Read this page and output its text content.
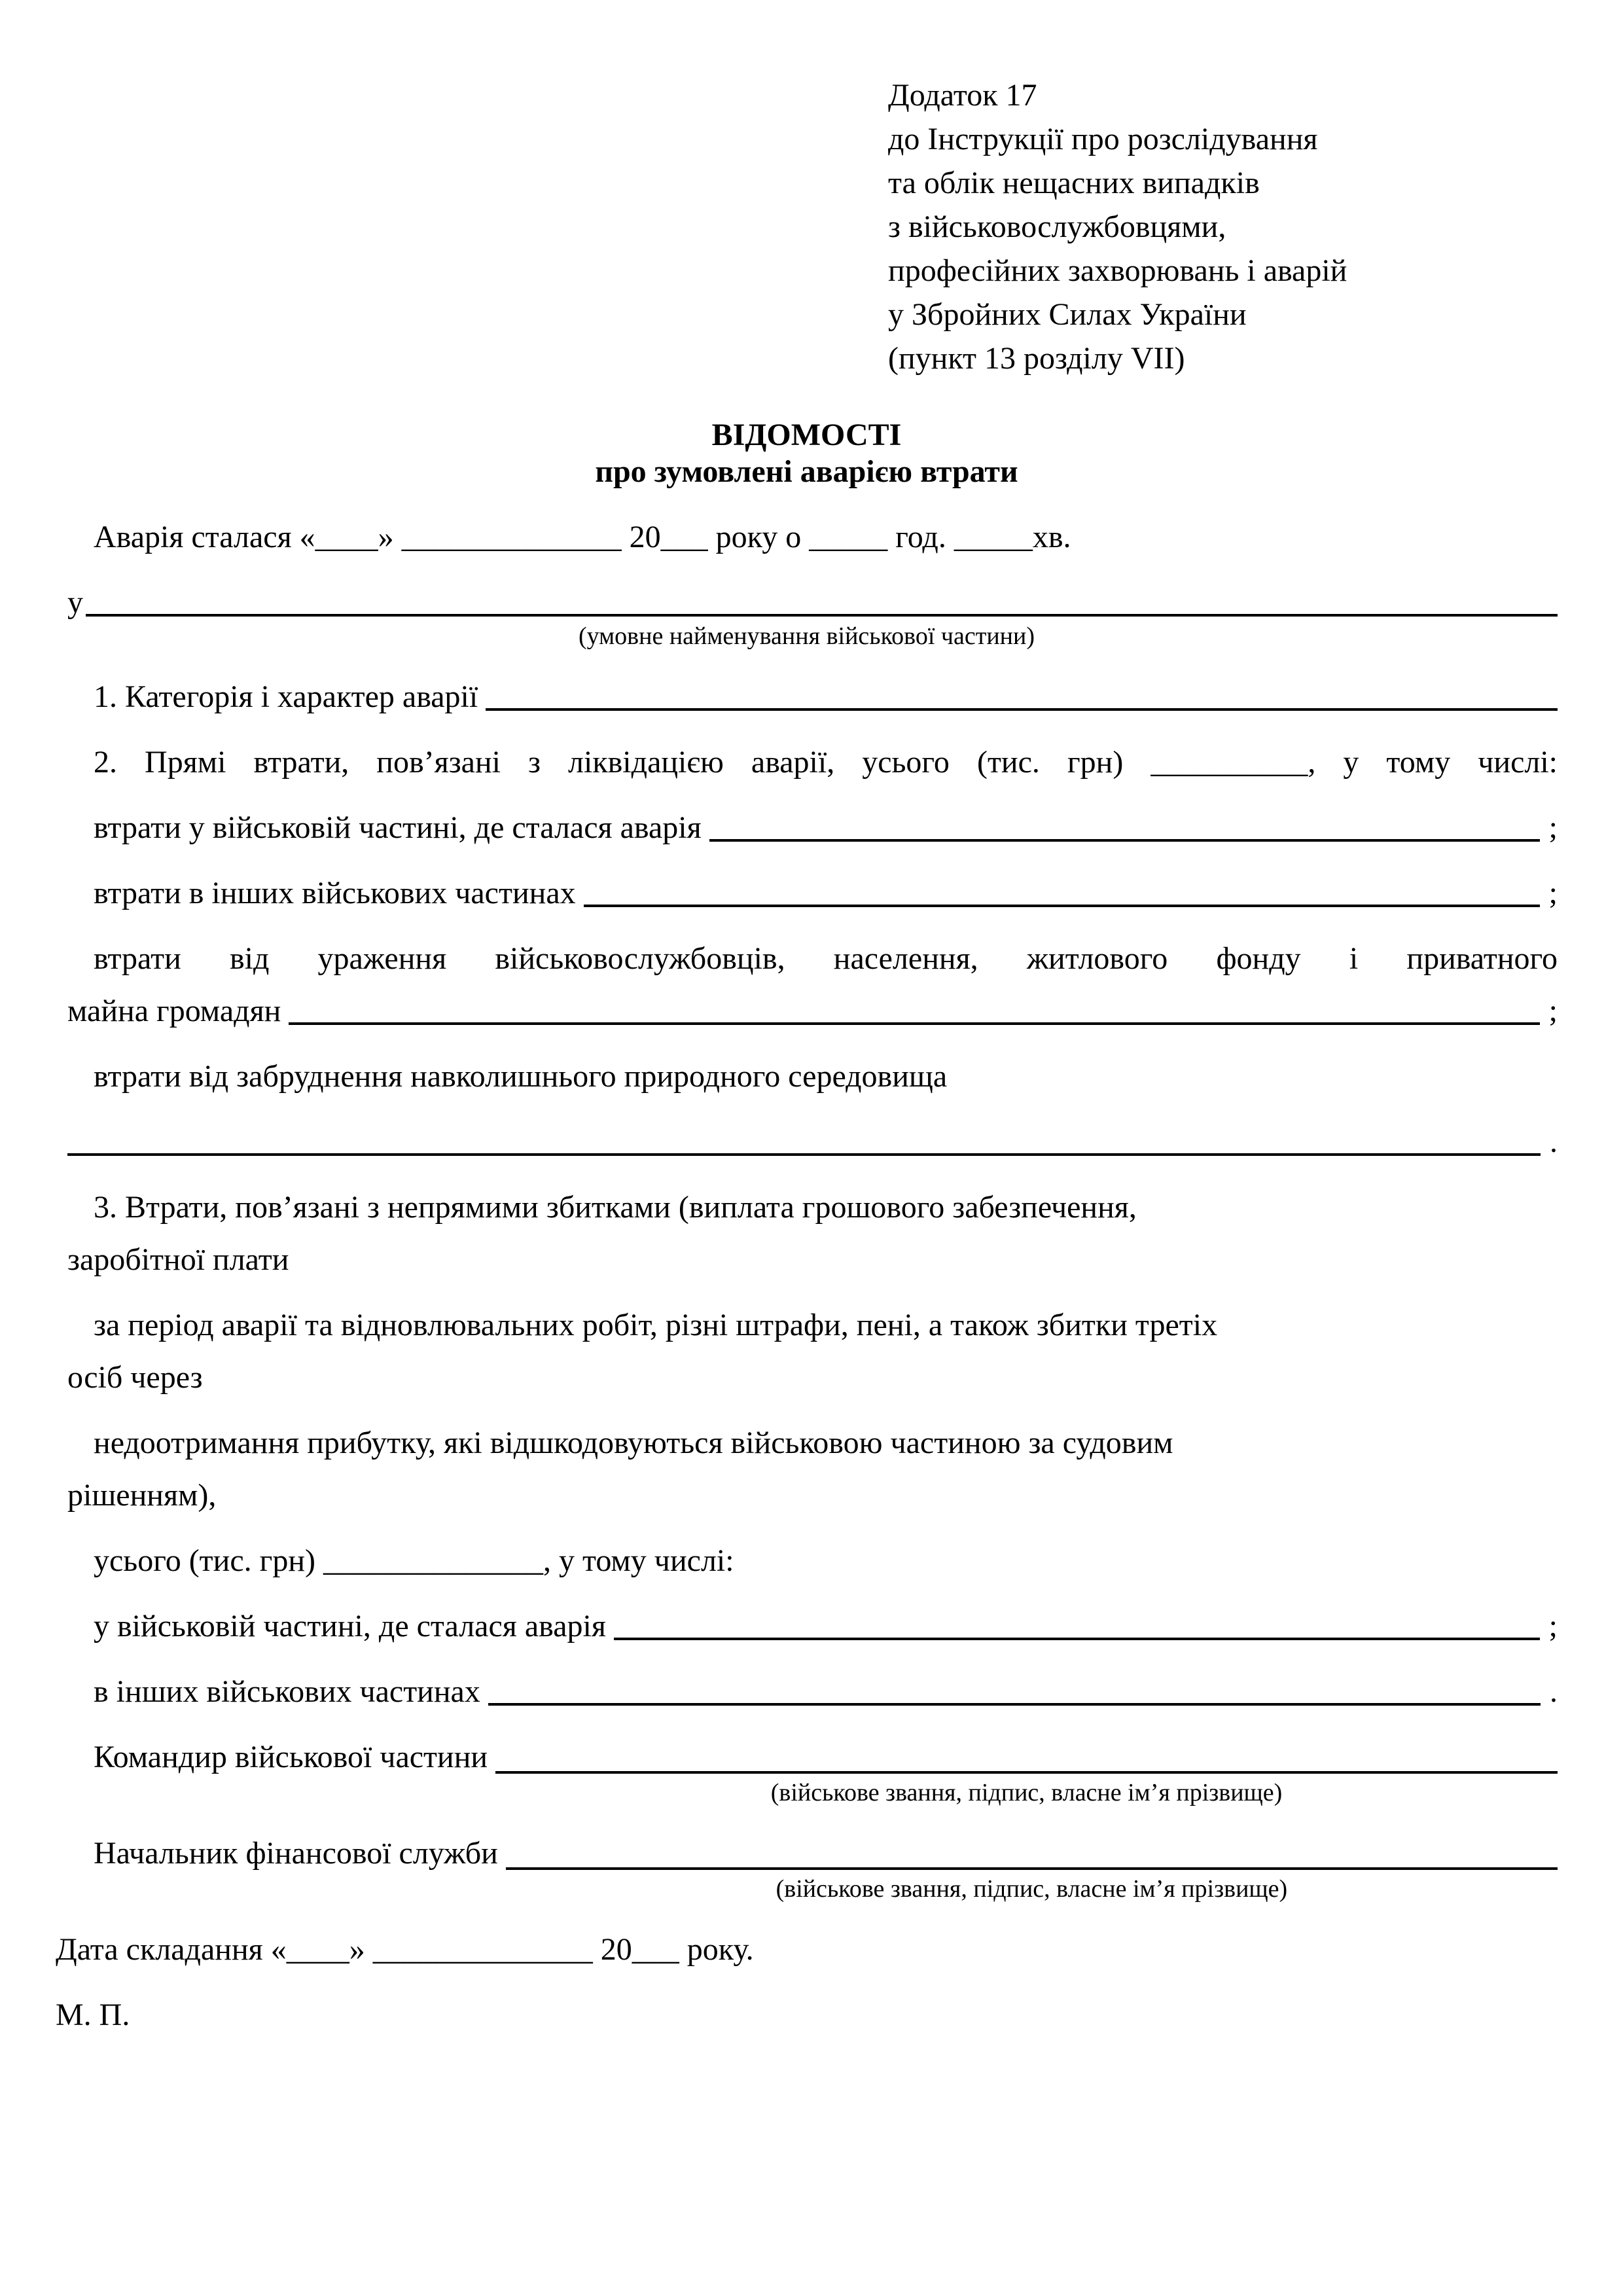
Додаток 17
до Інструкції про розслідування
та облік нещасних випадків
з військовослужбовцями,
професійних захворювань і аварій
у Збройних Силах України
(пункт 13 розділу VII)
ВІДОМОСТІ
про зумовлені аварією втрати
Аварія сталася «____» ______________ 20___ року о _____ год. _____хв.
у
(умовне найменування військової частини)
1. Категорія і характер аварії
2. Прямі втрати, пов’язані з ліквідацією аварії, усього (тис. грн) __________, у тому числі:
втрати у військовій частині, де сталася аварія	;
втрати в інших військових частинах	;
втрати від ураження військовослужбовців, населення, житлового фонду і приватного
майна громадян	;
втрати від забруднення навколишнього природного середовища
.
3. Втрати, пов’язані з непрямими збитками (виплата грошового забезпечення,
заробітної плати
за період аварії та відновлювальних робіт, різні штрафи, пені, а також збитки третіх
осіб через
недоотримання прибутку, які відшкодовуються військовою частиною за судовим
рішенням),
усього (тис. грн) ______________, у тому числі:
у військовій частині, де сталася аварія	;
в інших військових частинах	.
Командир військової частини
(військове звання, підпис, власне ім’я прізвище)
Начальник фінансової служби
(військове звання, підпис, власне ім’я прізвище)
Дата складання «____» ______________ 20___ року.
М. П.
